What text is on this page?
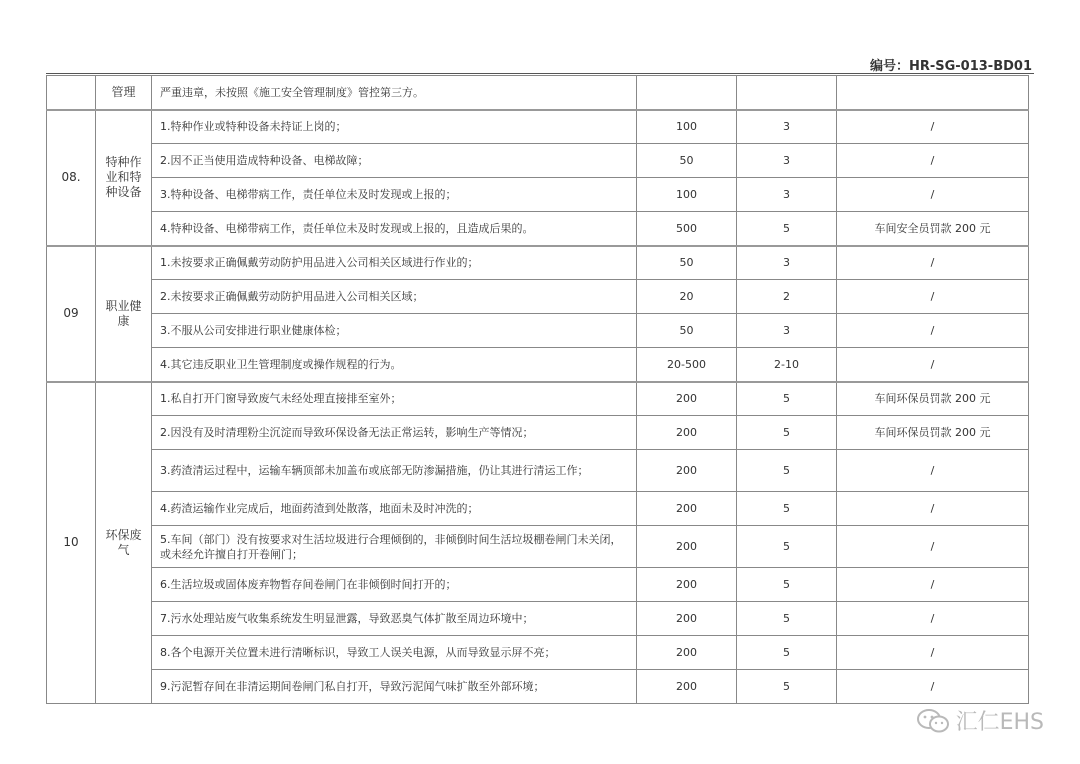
编号：HR-SG-013-BD01
	管理	严重违章，未按照《施工安全管理制度》管控第三方。			
08.	特种作业和特种设备	1.特种作业或特种设备未持证上岗的；	100	3	/
		2.因不正当使用造成特种设备、电梯故障；	50	3	/
		3.特种设备、电梯带病工作，责任单位未及时发现或上报的；	100	3	/
		4.特种设备、电梯带病工作，责任单位未及时发现或上报的，且造成后果的。	500	5	车间安全员罚款 200 元
09	职业健康	1.未按要求正确佩戴劳动防护用品进入公司相关区域进行作业的；	50	3	/
		2.未按要求正确佩戴劳动防护用品进入公司相关区域；	20	2	/
		3.不服从公司安排进行职业健康体检；	50	3	/
		4.其它违反职业卫生管理制度或操作规程的行为。	20-500	2-10	/
10	环保废气	1.私自打开门窗导致废气未经处理直接排至室外；	200	5	车间环保员罚款 200 元
		2.因没有及时清理粉尘沉淀而导致环保设备无法正常运转，影响生产等情况；	200	5	车间环保员罚款 200 元
		3.药渣清运过程中，运输车辆顶部未加盖布或底部无防渗漏措施，仍让其进行清运工作；	200	5	/
		4.药渣运输作业完成后，地面药渣到处散落，地面未及时冲洗的；	200	5	/
		5.车间（部门）没有按要求对生活垃圾进行合理倾倒的，非倾倒时间生活垃圾棚卷闸门未关闭，或未经允许擅自打开卷闸门；	200	5	/
		6.生活垃圾或固体废弃物暂存间卷闸门在非倾倒时间打开的；	200	5	/
		7.污水处理站废气收集系统发生明显泄露，导致恶臭气体扩散至周边环境中；	200	5	/
		8.各个电源开关位置未进行清晰标识，导致工人误关电源，从而导致显示屏不亮；	200	5	/
		9.污泥暂存间在非清运期间卷闸门私自打开，导致污泥闻气味扩散至外部环境；	200	5	/
汇仁EHS
